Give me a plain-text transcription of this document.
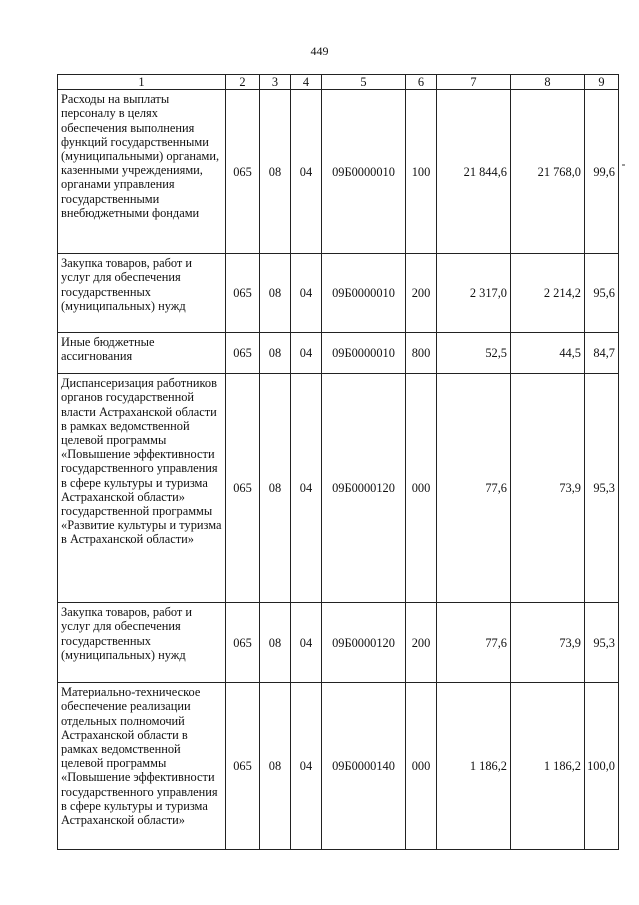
449
1	2	3	4	5	6	7	8	9
Расходы на выплаты персоналу в целях обеспечения выполнения функций государственными (муниципальными) органами, казенными учреждениями, органами управления государственными внебюджетными фондами	065	08	04	09Б0000010	100	21 844,6	21 768,0	99,6
Закупка товаров, работ и услуг для обеспечения государственных (муниципальных) нужд	065	08	04	09Б0000010	200	2 317,0	2 214,2	95,6
Иные бюджетные ассигнования	065	08	04	09Б0000010	800	52,5	44,5	84,7
Диспансеризация работников органов государственной власти Астраханской области в рамках ведомственной целевой программы «Повышение эффективности государственного управления в сфере культуры и туризма Астраханской области» государственной программы «Развитие культуры и туризма в Астраханской области»	065	08	04	09Б0000120	000	77,6	73,9	95,3
Закупка товаров, работ и услуг для обеспечения государственных (муниципальных) нужд	065	08	04	09Б0000120	200	77,6	73,9	95,3
Материально-техническое обеспечение реализации отдельных полномочий Астраханской области в рамках ведомственной целевой программы «Повышение эффективности государственного управления в сфере культуры и туризма Астраханской области»	065	08	04	09Б0000140	000	1 186,2	1 186,2	100,0
